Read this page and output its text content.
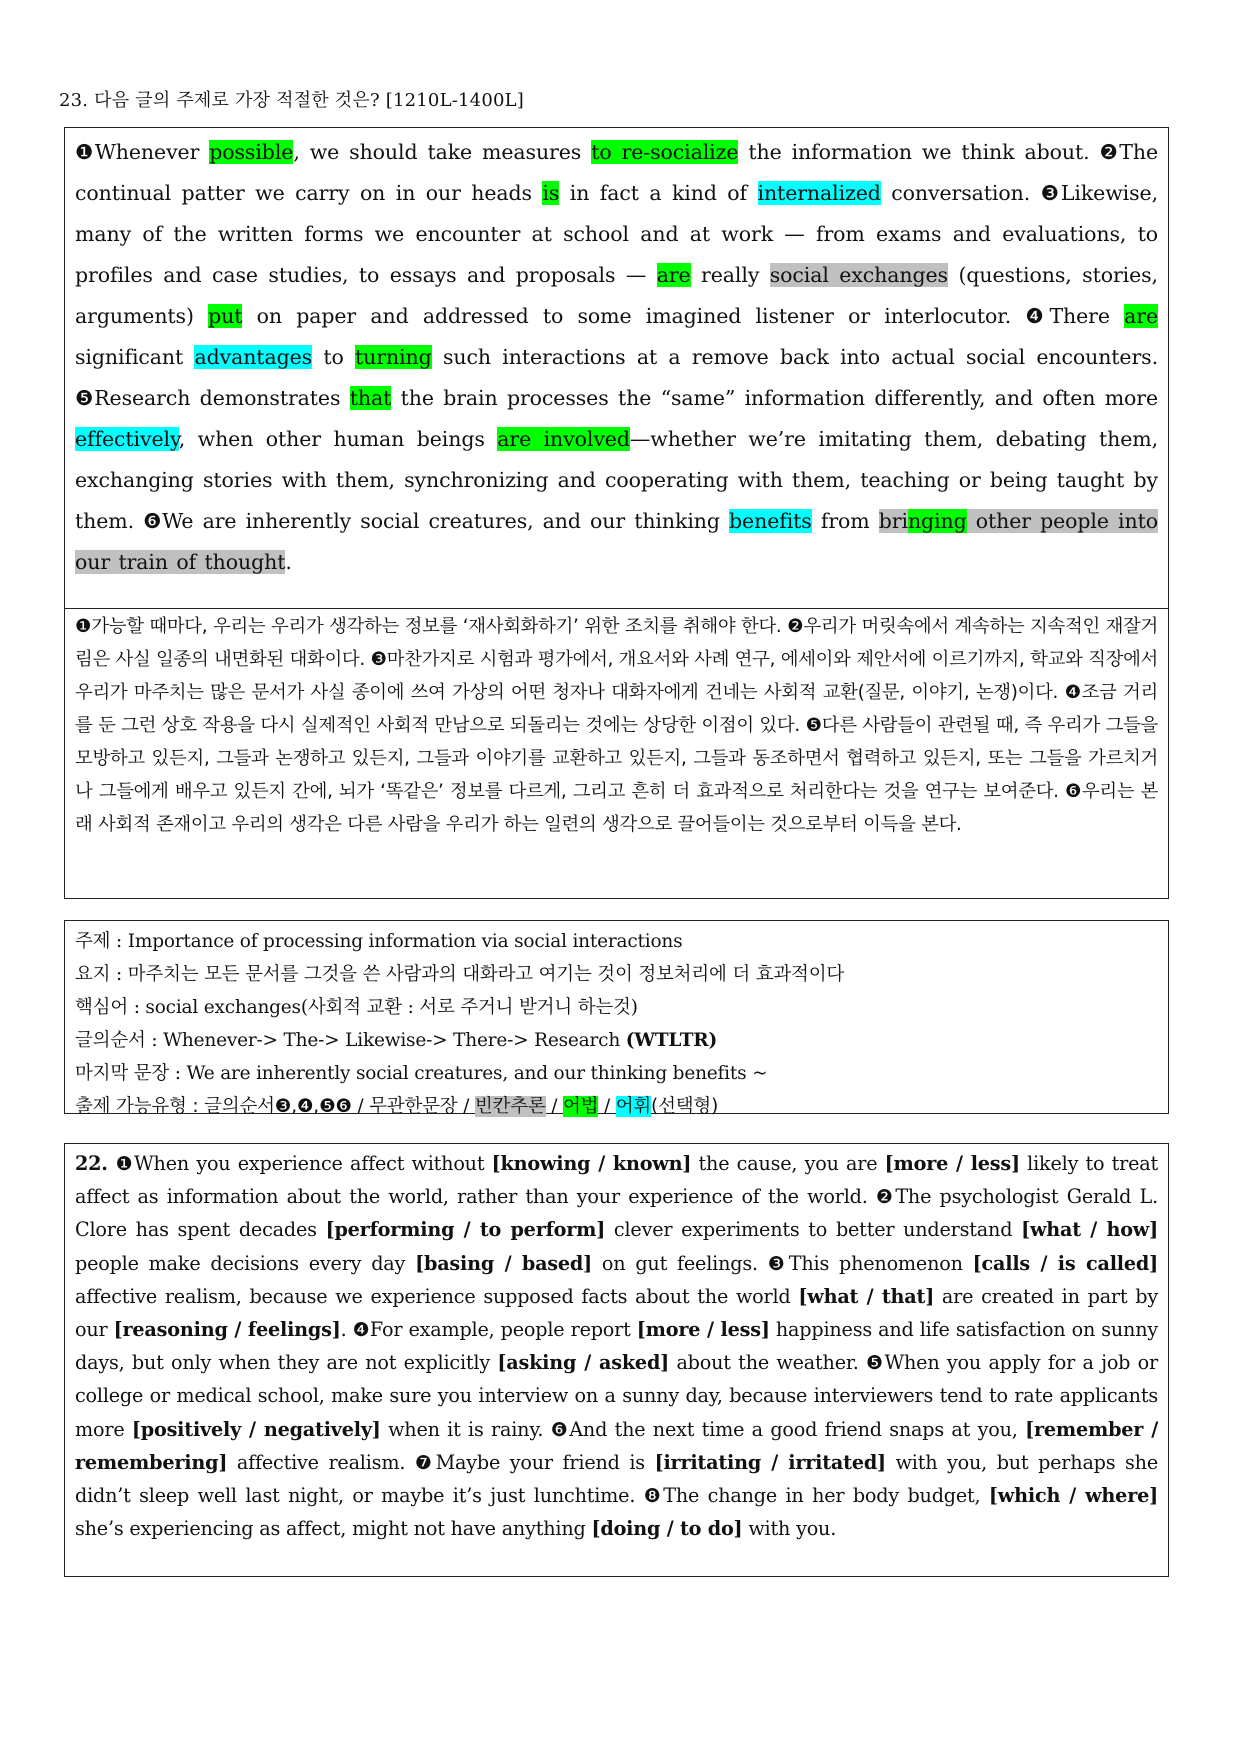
23. 다음 글의 주제로 가장 적절한 것은? [1210L-1400L]
❶Whenever possible, we should take measures to re-socialize the information we think about. ❷The continual patter we carry on in our heads is in fact a kind of internalized conversation. ❸Likewise, many of the written forms we encounter at school and at work — from exams and evaluations, to profiles and case studies, to essays and proposals — are really social exchanges (questions, stories, arguments) put on paper and addressed to some imagined listener or interlocutor. ❹There are significant advantages to turning such interactions at a remove back into actual social encounters. ❺Research demonstrates that the brain processes the “same” information differently, and often more effectively, when other human beings are involved—whether we’re imitating them, debating them, exchanging stories with them, synchronizing and cooperating with them, teaching or being taught by them. ❻We are inherently social creatures, and our thinking benefits from bringing other people into our train of thought.
❶가능할 때마다, 우리는 우리가 생각하는 정보를 ‘재사회화하기’ 위한 조치를 취해야 한다. ❷우리가 머릿속에서 계속하는 지속적인 재잘거림은 사실 일종의 내면화된 대화이다. ❸마찬가지로 시험과 평가에서, 개요서와 사례 연구, 에세이와 제안서에 이르기까지, 학교와 직장에서 우리가 마주치는 많은 문서가 사실 종이에 쓰여 가상의 어떤 청자나 대화자에게 건네는 사회적 교환(질문, 이야기, 논쟁)이다. ❹조금 거리를 둔 그런 상호 작용을 다시 실제적인 사회적 만남으로 되돌리는 것에는 상당한 이점이 있다. ❺다른 사람들이 관련될 때, 즉 우리가 그들을 모방하고 있든지, 그들과 논쟁하고 있든지, 그들과 이야기를 교환하고 있든지, 그들과 동조하면서 협력하고 있든지, 또는 그들을 가르치거나 그들에게 배우고 있든지 간에, 뇌가 ‘똑같은’ 정보를 다르게, 그리고 흔히 더 효과적으로 처리한다는 것을 연구는 보여준다. ❻우리는 본래 사회적 존재이고 우리의 생각은 다른 사람을 우리가 하는 일련의 생각으로 끌어들이는 것으로부터 이득을 본다.
주제 : Importance of processing information via social interactions
요지 : 마주치는 모든 문서를 그것을 쓴 사람과의 대화라고 여기는 것이 정보처리에 더 효과적이다
핵심어 : social exchanges(사회적 교환 : 서로 주거니 받거니 하는것)
글의순서 : Whenever-> The-> Likewise-> There-> Research (WTLTR)
마지막 문장 : We are inherently social creatures, and our thinking benefits ~
출제 가능유형 : 글의순서❸,❹,❺❻ / 무관한문장 / 빈칸추론 / 어법 / 어휘(선택형)
22. ❶When you experience affect without [knowing / known] the cause, you are [more / less] likely to treat affect as information about the world, rather than your experience of the world. ❷The psychologist Gerald L. Clore has spent decades [performing / to perform] clever experiments to better understand [what / how] people make decisions every day [basing / based] on gut feelings. ❸This phenomenon [calls / is called] affective realism, because we experience supposed facts about the world [what / that] are created in part by our [reasoning / feelings]. ❹For example, people report [more / less] happiness and life satisfaction on sunny days, but only when they are not explicitly [asking / asked] about the weather. ❺When you apply for a job or college or medical school, make sure you interview on a sunny day, because interviewers tend to rate applicants more [positively / negatively] when it is rainy. ❻And the next time a good friend snaps at you, [remember / remembering] affective realism. ❼Maybe your friend is [irritating / irritated] with you, but perhaps she didn’t sleep well last night, or maybe it’s just lunchtime. ❽The change in her body budget, [which / where] she’s experiencing as affect, might not have anything [doing / to do] with you.
